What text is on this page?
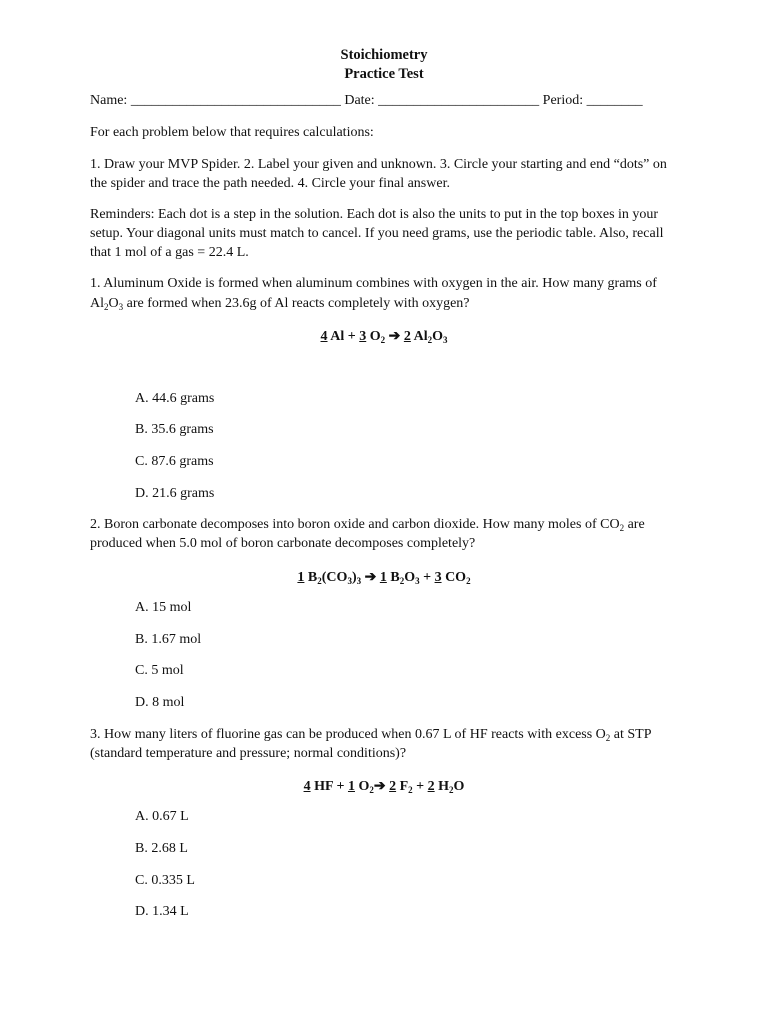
Stoichiometry
Practice Test
Name: ______________________________ Date: _______________________ Period: ________
For each problem below that requires calculations:
1. Draw your MVP Spider. 2. Label your given and unknown. 3. Circle your starting and end “dots” on
the spider and trace the path needed. 4. Circle your final answer.
Reminders: Each dot is a step in the solution. Each dot is also the units to put in the top boxes in your
setup. Your diagonal units must match to cancel. If you need grams, use the periodic table. Also, recall
that 1 mol of a gas = 22.4 L.
1. Aluminum Oxide is formed when aluminum combines with oxygen in the air. How many grams of
$Al_2O_3$ are formed when 23.6g of Al reacts completely with oxygen?
4 Al + 3 $O_2$ ➔ 2 $Al_2O_3$
A. 44.6 grams
B. 35.6 grams
C. 87.6 grams
D. 21.6 grams
2. Boron carbonate decomposes into boron oxide and carbon dioxide. How many moles of $CO_2$ are
produced when 5.0 mol of boron carbonate decomposes completely?
1 $B_2(CO_3)_3$ ➔ 1 $B_2O_3 + 3$ $CO_2$
A. 15 mol
B. 1.67 mol
C. 5 mol
D. 8 mol
3. How many liters of fluorine gas can be produced when 0.67 L of HF reacts with excess $O_2$ at STP
(standard temperature and pressure; normal conditions)?
4 HF + 1 $O_2➔$ 2 $F_2 + 2$ $H_2O$
A. 0.67 L
B. 2.68 L
C. 0.335 L
D. 1.34 L
